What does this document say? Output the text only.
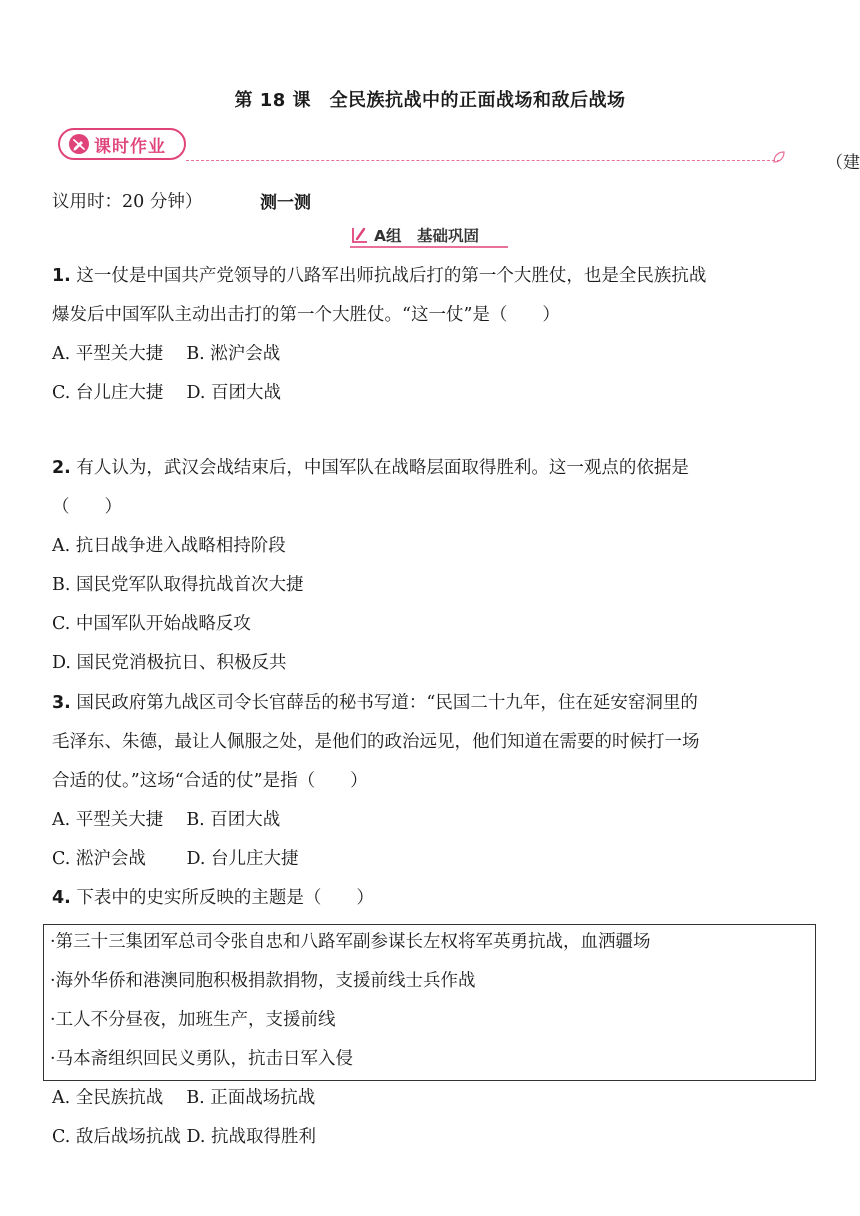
第 18 课　全民族抗战中的正面战场和敌后战场
课时作业
（建
议用时：20 分钟）	测一测
A组　基础巩固
1. 这一仗是中国共产党领导的八路军出师抗战后打的第一个大胜仗，也是全民族抗战
爆发后中国军队主动出击打的第一个大胜仗。“这一仗”是（　　）
A. 平型关大捷　 B. 淞沪会战
C. 台儿庄大捷　 D. 百团大战
2. 有人认为，武汉会战结束后，中国军队在战略层面取得胜利。这一观点的依据是
（　　）
A. 抗日战争进入战略相持阶段
B. 国民党军队取得抗战首次大捷
C. 中国军队开始战略反攻
D. 国民党消极抗日、积极反共
3. 国民政府第九战区司令长官薛岳的秘书写道：“民国二十九年，住在延安窑洞里的
毛泽东、朱德，最让人佩服之处，是他们的政治远见，他们知道在需要的时候打一场
合适的仗。”这场“合适的仗”是指（　　）
A. 平型关大捷　 B. 百团大战
C. 淞沪会战　　 D. 台儿庄大捷
4. 下表中的史实所反映的主题是（　　）
·第三十三集团军总司令张自忠和八路军副参谋长左权将军英勇抗战，血洒疆场
·海外华侨和港澳同胞积极捐款捐物，支援前线士兵作战
·工人不分昼夜，加班生产，支援前线
·马本斋组织回民义勇队，抗击日军入侵
A. 全民族抗战　 B. 正面战场抗战
C. 敌后战场抗战 D. 抗战取得胜利
